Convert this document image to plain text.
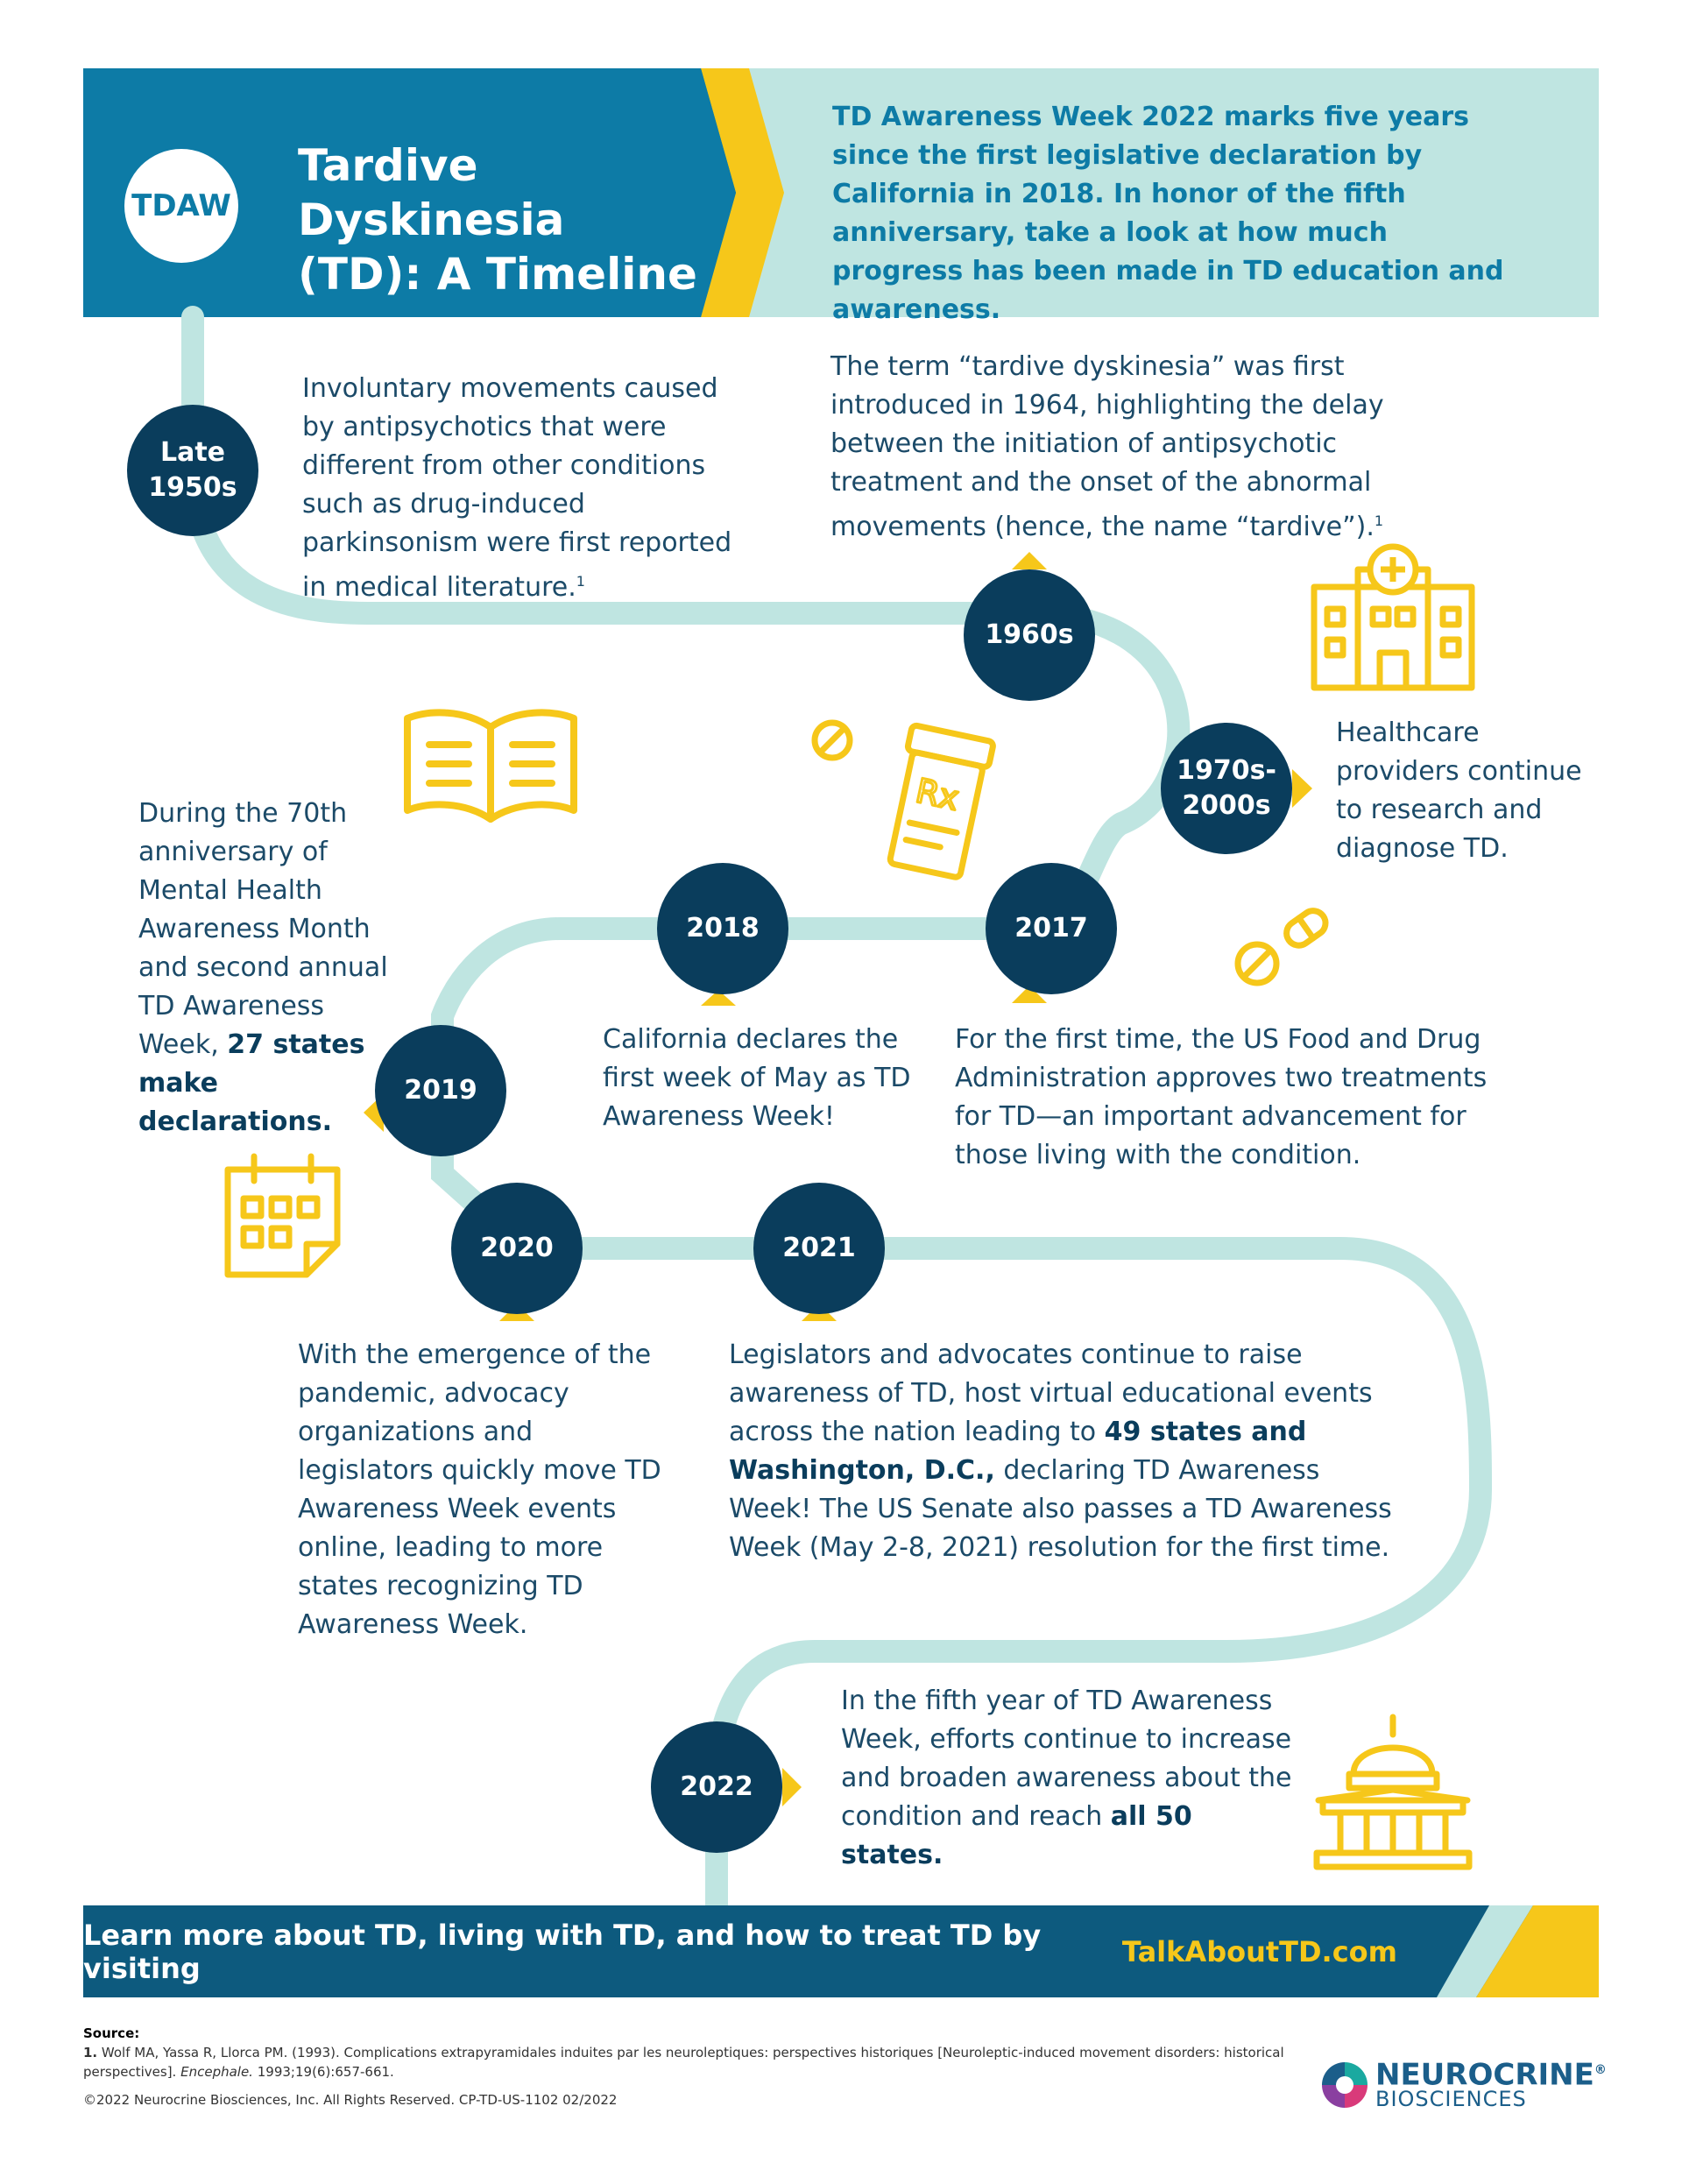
TDAW
Tardive Dyskinesia
(TD): A Timeline
TD Awareness Week 2022 marks five years since the first legislative declaration by California in 2018. In honor of the fifth anniversary, take a look at how much progress has been made in TD education and awareness.
Late
1950s
1960s
1970s-
2000s
2017
2018
2019
2020	2021
2022
Involuntary movements caused by antipsychotics that were different from other conditions such as drug-induced parkinsonism were first reported in medical literature.$^1$
The term “tardive dyskinesia” was first introduced in 1964, highlighting the delay between the initiation of antipsychotic treatment and the onset of the abnormal movements (hence, the name “tardive”).$^1$
Healthcare providers continue to research and diagnose TD.
For the first time, the US Food and Drug Administration approves two treatments for TD—an important advancement for those living with the condition.
California declares the first week of May as TD Awareness Week!
During the 70th anniversary of Mental Health Awareness Month and second annual TD Awareness Week, 27 states make declarations.
With the emergence of the pandemic, advocacy organizations and legislators quickly move TD Awareness Week events online, leading to more states recognizing TD Awareness Week.
Legislators and advocates continue to raise awareness of TD, host virtual educational events across the nation leading to 49 states and Washington, D.C., declaring TD Awareness Week! The US Senate also passes a TD Awareness Week (May 2-8, 2021) resolution for the first time.
In the fifth year of TD Awareness Week, efforts continue to increase and broaden awareness about the condition and reach all 50 states.
Rx
Learn more about TD, living with TD, and how to treat TD by visiting	TalkAboutTD.com
Source:
1. Wolf MA, Yassa R, Llorca PM. (1993). Complications extrapyramidales induites par les neuroleptiques: perspectives historiques [Neuroleptic-induced movement disorders: historical perspectives]. Encephale. 1993;19(6):657-661.
©2022 Neurocrine Biosciences, Inc. All Rights Reserved. CP-TD-US-1102 02/2022
NEUROCRINE®
BIOSCIENCES
